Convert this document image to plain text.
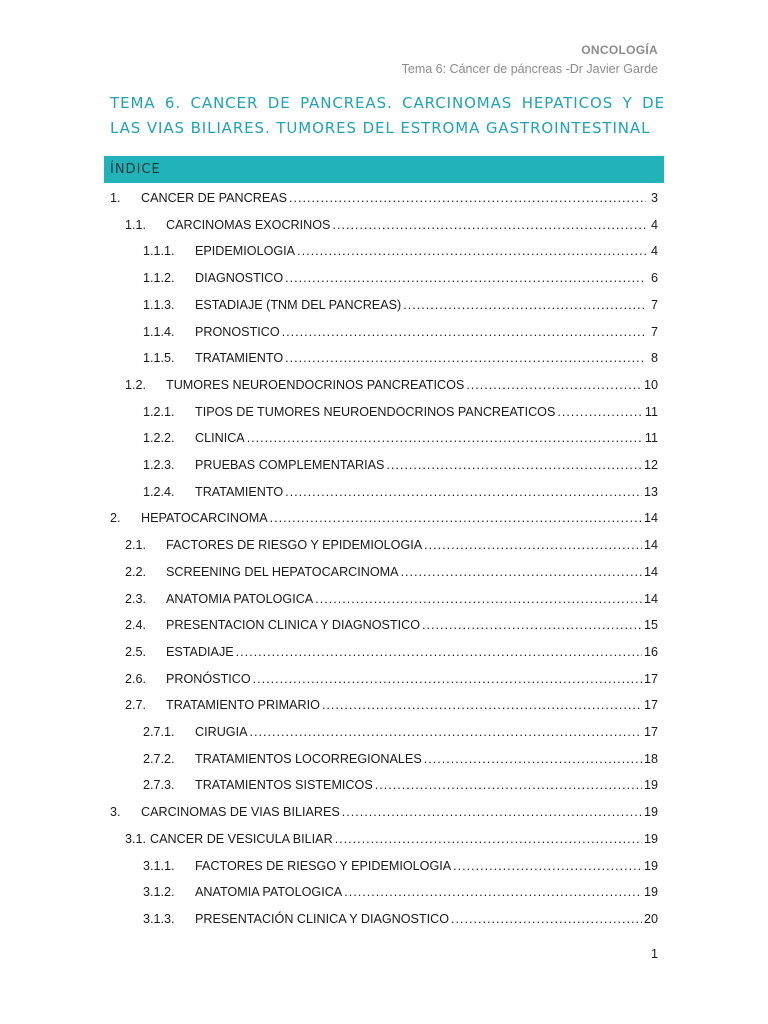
ONCOLOGÍA
Tema 6: Cáncer de páncreas -Dr Javier Garde
TEMA 6. CANCER DE PANCREAS. CARCINOMAS HEPATICOS Y DE LAS VIAS BILIARES. TUMORES DEL ESTROMA GASTROINTESTINAL
ÍNDICE
1.	CANCER DE PANCREAS .....	3
1.1.	CARCINOMAS EXOCRINOS .....	4
1.1.1.	EPIDEMIOLOGIA .....	4
1.1.2.	DIAGNOSTICO .....	6
1.1.3.	ESTADIAJE (TNM DEL PANCREAS) .....	7
1.1.4.	PRONOSTICO .....	7
1.1.5.	TRATAMIENTO .....	8
1.2.	TUMORES NEUROENDOCRINOS PANCREATICOS .....	10
1.2.1.	TIPOS DE TUMORES NEUROENDOCRINOS PANCREATICOS .....	11
1.2.2.	CLINICA .....	11
1.2.3.	PRUEBAS COMPLEMENTARIAS .....	12
1.2.4.	TRATAMIENTO .....	13
2.	HEPATOCARCINOMA .....	14
2.1.	FACTORES DE RIESGO Y EPIDEMIOLOGIA .....	14
2.2.	SCREENING DEL HEPATOCARCINOMA .....	14
2.3.	ANATOMIA PATOLOGICA .....	14
2.4.	PRESENTACION CLINICA Y DIAGNOSTICO .....	15
2.5.	ESTADIAJE .....	16
2.6.	PRONÓSTICO .....	17
2.7.	TRATAMIENTO PRIMARIO .....	17
2.7.1.	CIRUGIA .....	17
2.7.2.	TRATAMIENTOS LOCORREGIONALES .....	18
2.7.3.	TRATAMIENTOS SISTEMICOS .....	19
3.	CARCINOMAS DE VIAS BILIARES .....	19
3.1. CANCER DE VESICULA BILIAR .....	19
3.1.1.	FACTORES DE RIESGO Y EPIDEMIOLOGIA .....	19
3.1.2.	ANATOMIA PATOLOGICA .....	19
3.1.3.	PRESENTACIÓN CLINICA Y DIAGNOSTICO .....	20
1
